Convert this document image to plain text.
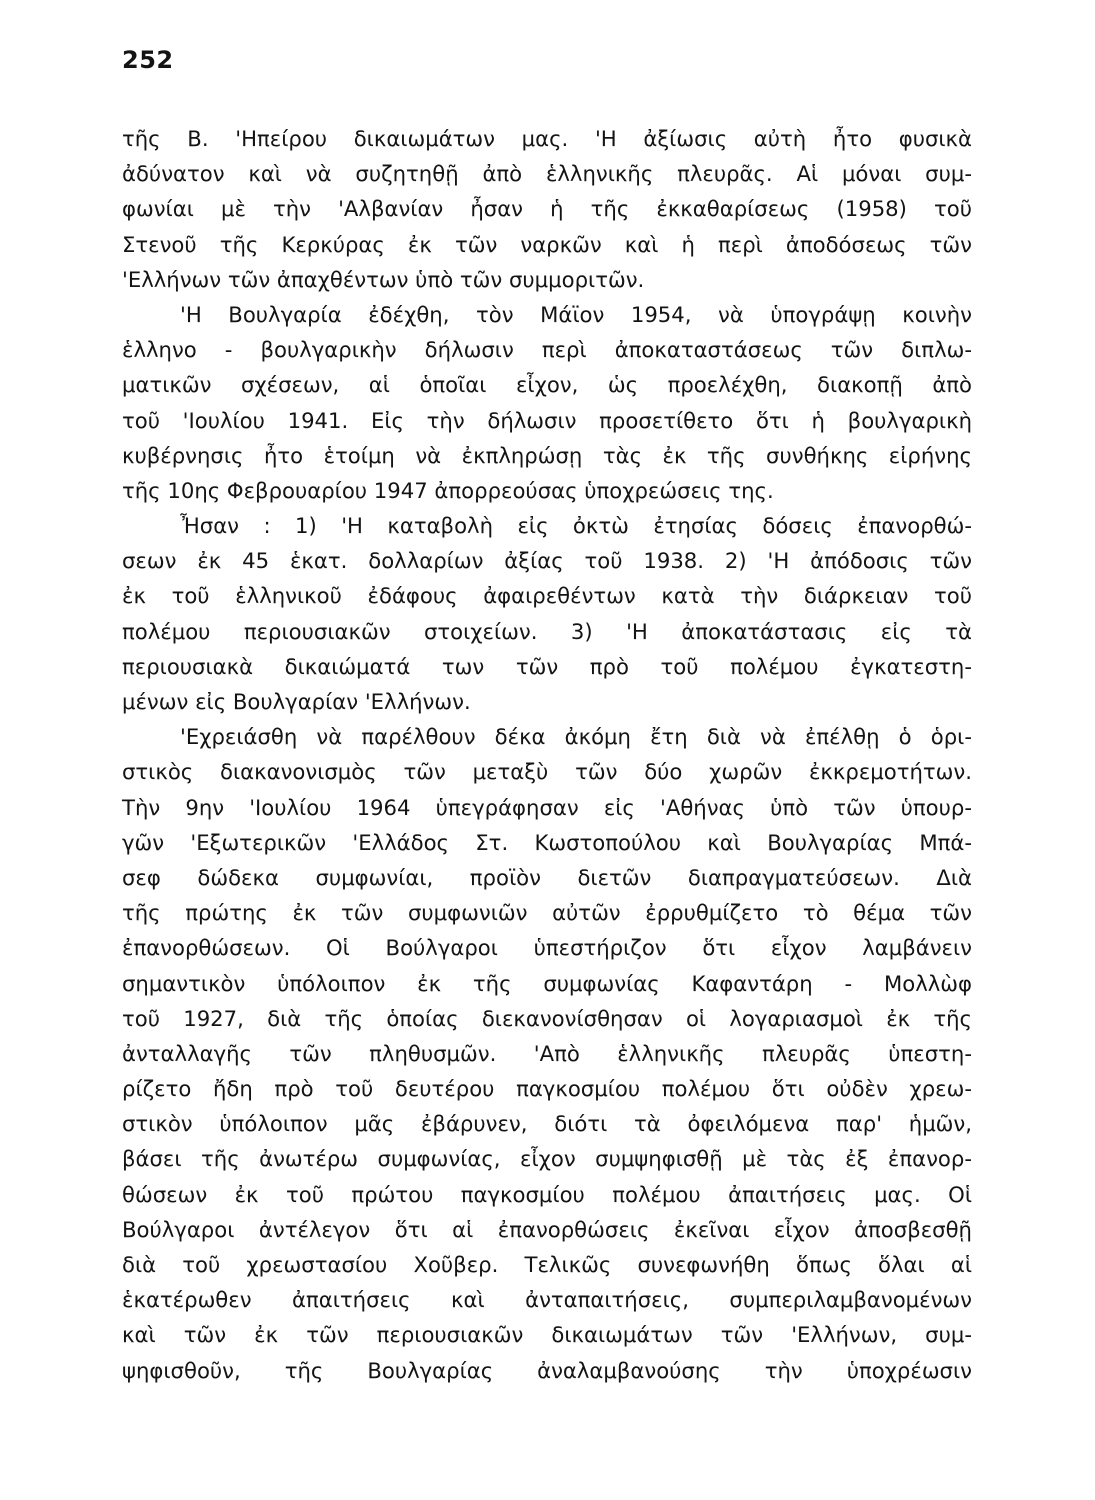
252
τῆς Β. 'Ηπείρου δικαιωμάτων μας. 'Η ἀξίωσις αὐτὴ ἦτο φυσικὰ
ἀδύνατον καὶ νὰ συζητηθῇ ἀπὸ ἑλληνικῆς πλευρᾶς. Αἱ μόναι συμ-
φωνίαι μὲ τὴν 'Αλβανίαν ἦσαν ἡ τῆς ἐκκαθαρίσεως (1958) τοῦ
Στενοῦ τῆς Κερκύρας ἐκ τῶν ναρκῶν καὶ ἡ περὶ ἀποδόσεως τῶν
'Ελλήνων τῶν ἀπαχθέντων ὑπὸ τῶν συμμοριτῶν.
'Η Βουλγαρία ἐδέχθη, τὸν Μάϊον 1954, νὰ ὑπογράψῃ κοινὴν
ἑλληνο - βουλγαρικὴν δήλωσιν περὶ ἀποκαταστάσεως τῶν διπλω-
ματικῶν σχέσεων, αἱ ὁποῖαι εἶχον, ὡς προελέχθη, διακοπῇ ἀπὸ
τοῦ 'Ιουλίου 1941. Εἰς τὴν δήλωσιν προσετίθετο ὅτι ἡ βουλγαρικὴ
κυβέρνησις ἦτο ἑτοίμη νὰ ἐκπληρώσῃ τὰς ἐκ τῆς συνθήκης εἰρήνης
τῆς 10ης Φεβρουαρίου 1947 ἀπορρεούσας ὑποχρεώσεις της.
Ἦσαν : 1) 'Η καταβολὴ εἰς ὀκτὼ ἐτησίας δόσεις ἐπανορθώ-
σεων ἐκ 45 ἑκατ. δολλαρίων ἀξίας τοῦ 1938. 2) 'Η ἀπόδοσις τῶν
ἐκ τοῦ ἑλληνικοῦ ἐδάφους ἀφαιρεθέντων κατὰ τὴν διάρκειαν τοῦ
πολέμου περιουσιακῶν στοιχείων. 3) 'Η ἀποκατάστασις εἰς τὰ
περιουσιακὰ δικαιώματά των τῶν πρὸ τοῦ πολέμου ἐγκατεστη-
μένων εἰς Βουλγαρίαν 'Ελλήνων.
'Εχρειάσθη νὰ παρέλθουν δέκα ἀκόμη ἔτη διὰ νὰ ἐπέλθῃ ὁ ὁρι-
στικὸς διακανονισμὸς τῶν μεταξὺ τῶν δύο χωρῶν ἐκκρεμοτήτων.
Τὴν 9ην 'Ιουλίου 1964 ὑπεγράφησαν εἰς 'Αθήνας ὑπὸ τῶν ὑπουρ-
γῶν 'Εξωτερικῶν 'Ελλάδος Στ. Κωστοπούλου καὶ Βουλγαρίας Μπά-
σεφ δώδεκα συμφωνίαι, προϊὸν διετῶν διαπραγματεύσεων. Διὰ
τῆς πρώτης ἐκ τῶν συμφωνιῶν αὐτῶν ἐρρυθμίζετο τὸ θέμα τῶν
ἐπανορθώσεων. Οἱ Βούλγαροι ὑπεστήριζον ὅτι εἶχον λαμβάνειν
σημαντικὸν ὑπόλοιπον ἐκ τῆς συμφωνίας Καφαντάρη - Μολλὼφ
τοῦ 1927, διὰ τῆς ὁποίας διεκανονίσθησαν οἱ λογαριασμοὶ ἐκ τῆς
ἀνταλλαγῆς τῶν πληθυσμῶν. 'Απὸ ἑλληνικῆς πλευρᾶς ὑπεστη-
ρίζετο ἤδη πρὸ τοῦ δευτέρου παγκοσμίου πολέμου ὅτι οὐδὲν χρεω-
στικὸν ὑπόλοιπον μᾶς ἐβάρυνεν, διότι τὰ ὀφειλόμενα παρ' ἡμῶν,
βάσει τῆς ἀνωτέρω συμφωνίας, εἶχον συμψηφισθῇ μὲ τὰς ἐξ ἐπανορ-
θώσεων ἐκ τοῦ πρώτου παγκοσμίου πολέμου ἀπαιτήσεις μας. Οἱ
Βούλγαροι ἀντέλεγον ὅτι αἱ ἐπανορθώσεις ἐκεῖναι εἶχον ἀποσβεσθῇ
διὰ τοῦ χρεωστασίου Χοῦβερ. Τελικῶς συνεφωνήθη ὅπως ὅλαι αἱ
ἑκατέρωθεν ἀπαιτήσεις καὶ ἀνταπαιτήσεις, συμπεριλαμβανομένων
καὶ τῶν ἐκ τῶν περιουσιακῶν δικαιωμάτων τῶν 'Ελλήνων, συμ-
ψηφισθοῦν, τῆς Βουλγαρίας ἀναλαμβανούσης τὴν ὑποχρέωσιν
